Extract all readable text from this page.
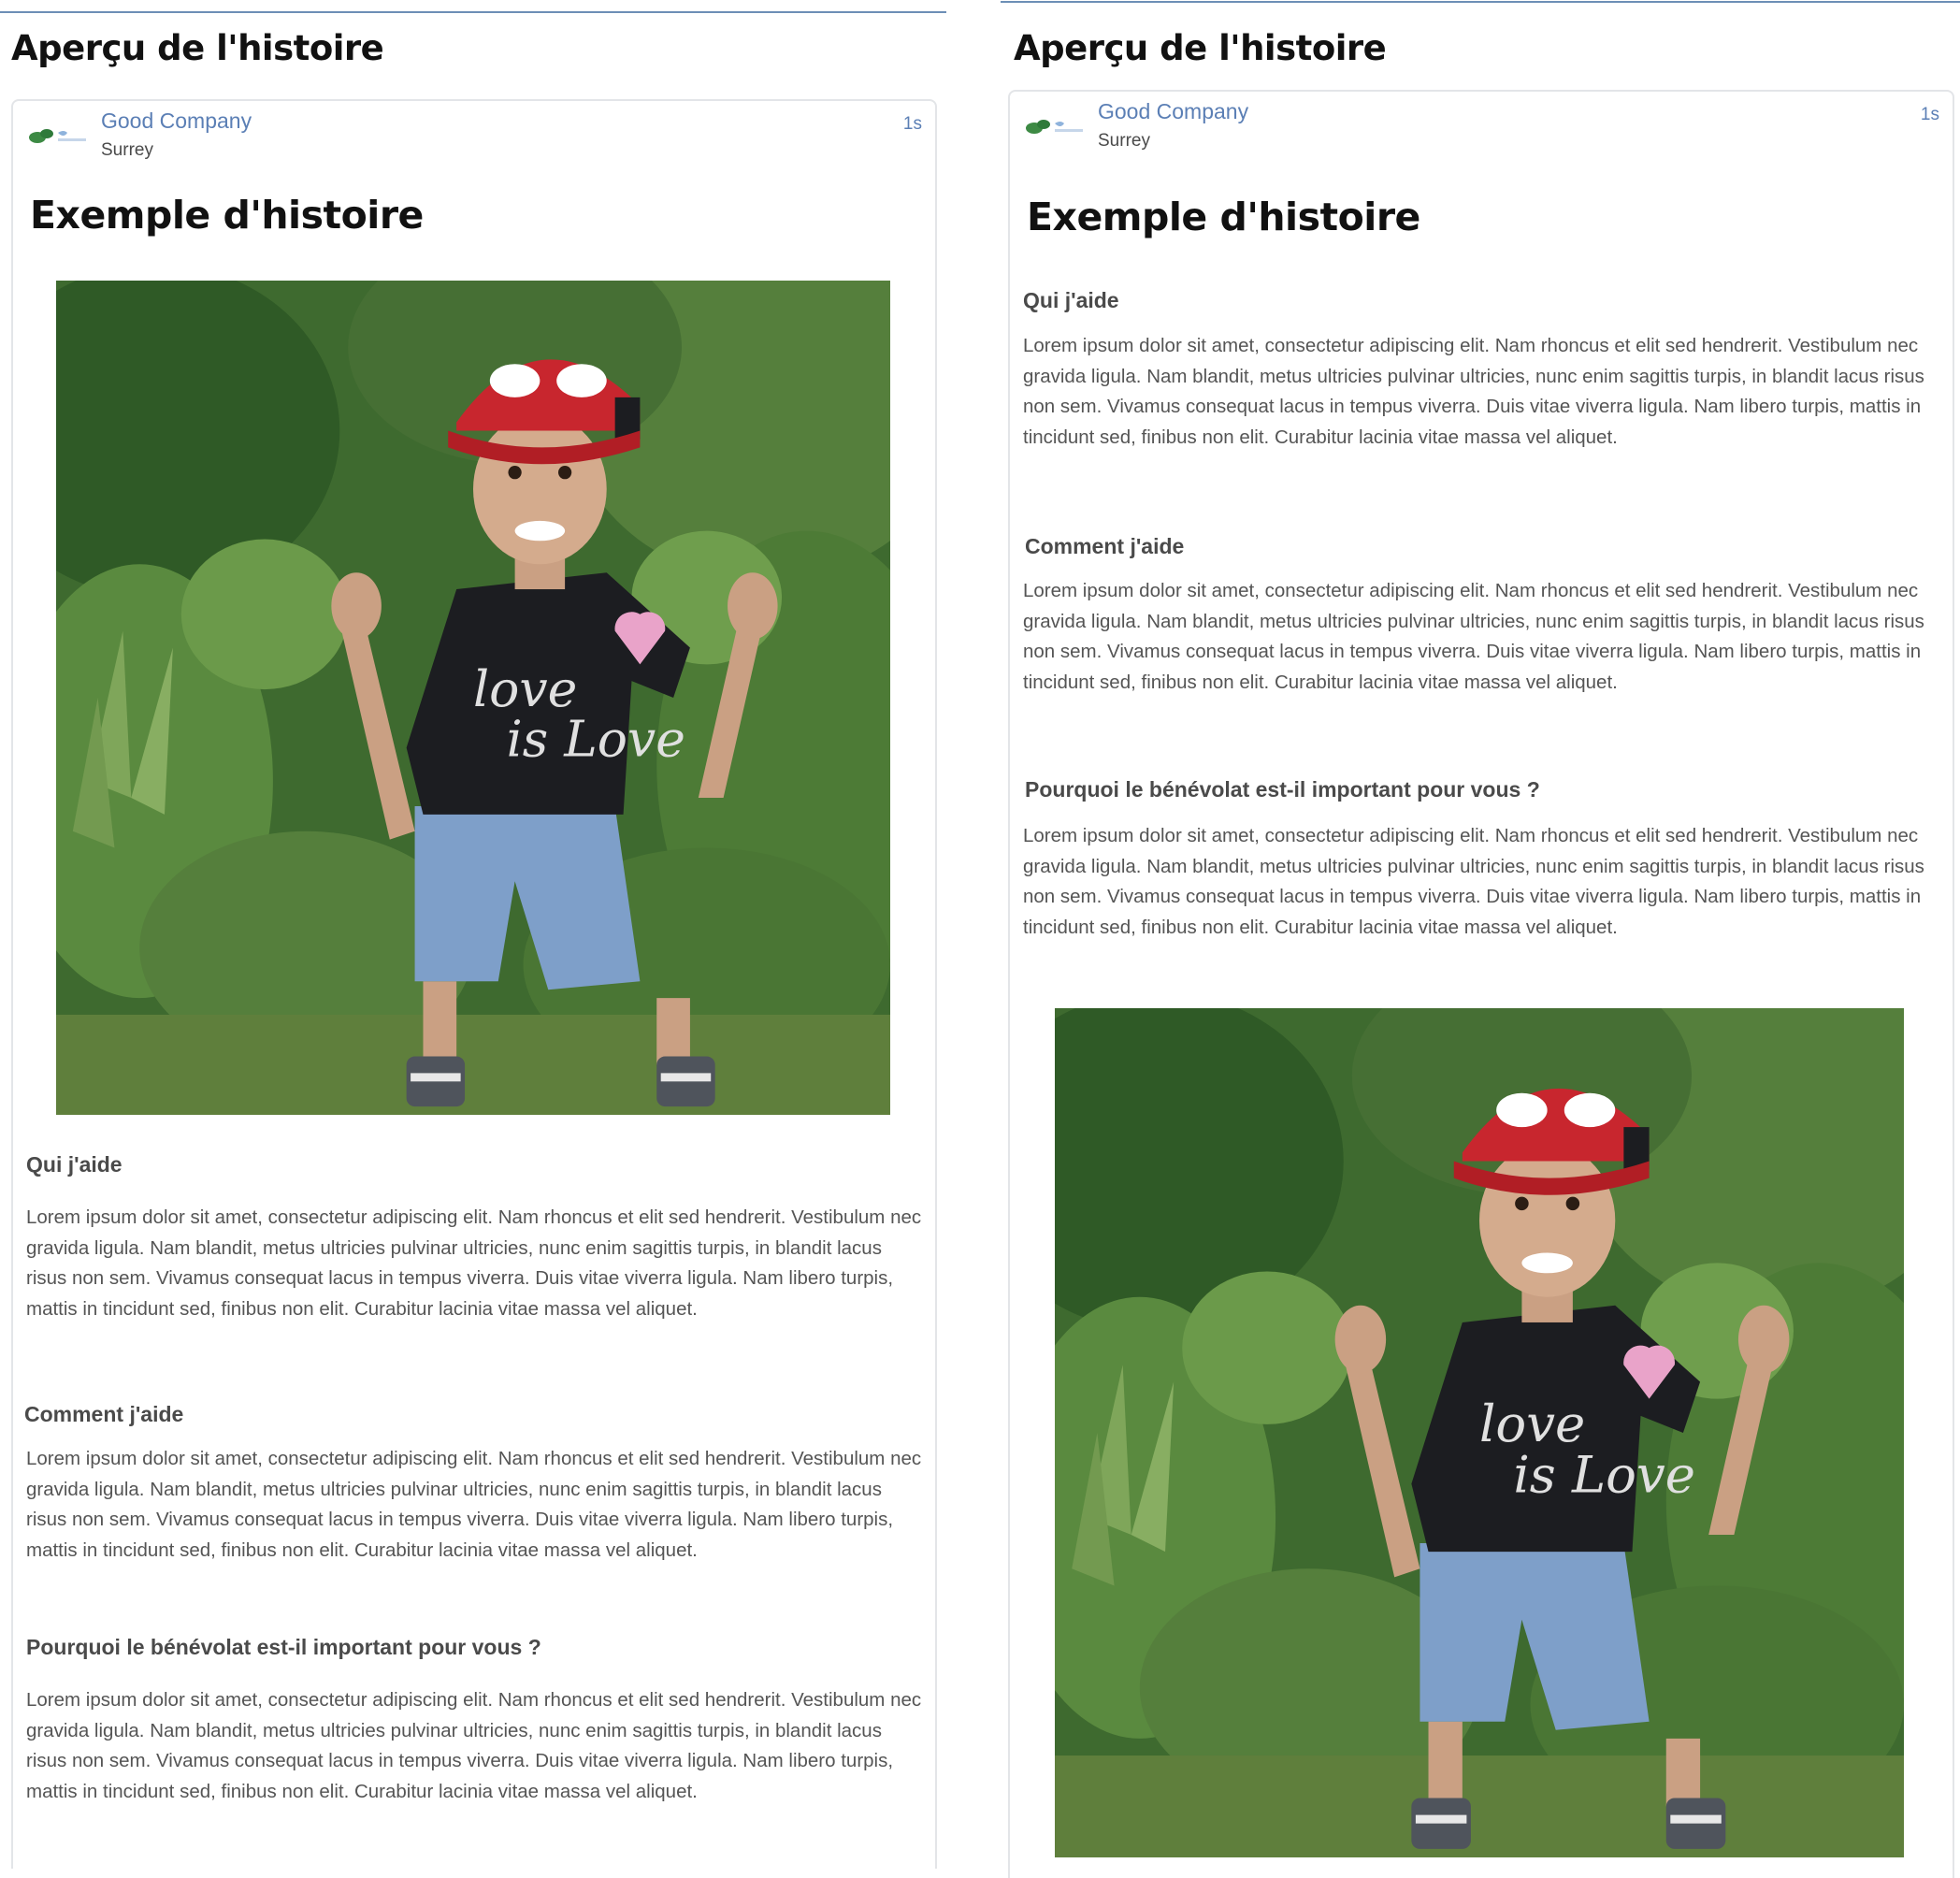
Aperçu de l'histoire
Good Company
Surrey
1s
Exemple d'histoire
love
is Love
Qui j'aide

Lorem ipsum dolor sit amet, consectetur adipiscing elit. Nam rhoncus et elit sed hendrerit. Vestibulum nec gravida ligula. Nam blandit, metus ultricies pulvinar ultricies, nunc enim sagittis turpis, in blandit lacus risus non sem. Vivamus consequat lacus in tempus viverra. Duis vitae viverra ligula. Nam libero turpis, mattis in tincidunt sed, finibus non elit. Curabitur lacinia vitae massa vel aliquet.

Comment j'aide

Lorem ipsum dolor sit amet, consectetur adipiscing elit. Nam rhoncus et elit sed hendrerit. Vestibulum nec gravida ligula. Nam blandit, metus ultricies pulvinar ultricies, nunc enim sagittis turpis, in blandit lacus risus non sem. Vivamus consequat lacus in tempus viverra. Duis vitae viverra ligula. Nam libero turpis, mattis in tincidunt sed, finibus non elit. Curabitur lacinia vitae massa vel aliquet.

Pourquoi le bénévolat est-il important pour vous ?

Lorem ipsum dolor sit amet, consectetur adipiscing elit. Nam rhoncus et elit sed hendrerit. Vestibulum nec gravida ligula. Nam blandit, metus ultricies pulvinar ultricies, nunc enim sagittis turpis, in blandit lacus risus non sem. Vivamus consequat lacus in tempus viverra. Duis vitae viverra ligula. Nam libero turpis, mattis in tincidunt sed, finibus non elit. Curabitur lacinia vitae massa vel aliquet.

Aperçu de l'histoire
Good Company
Surrey
1s
Exemple d'histoire
Qui j'aide

Lorem ipsum dolor sit amet, consectetur adipiscing elit. Nam rhoncus et elit sed hendrerit. Vestibulum nec gravida ligula. Nam blandit, metus ultricies pulvinar ultricies, nunc enim sagittis turpis, in blandit lacus risus non sem. Vivamus consequat lacus in tempus viverra. Duis vitae viverra ligula. Nam libero turpis, mattis in tincidunt sed, finibus non elit. Curabitur lacinia vitae massa vel aliquet.

Comment j'aide

Lorem ipsum dolor sit amet, consectetur adipiscing elit. Nam rhoncus et elit sed hendrerit. Vestibulum nec gravida ligula. Nam blandit, metus ultricies pulvinar ultricies, nunc enim sagittis turpis, in blandit lacus risus non sem. Vivamus consequat lacus in tempus viverra. Duis vitae viverra ligula. Nam libero turpis, mattis in tincidunt sed, finibus non elit. Curabitur lacinia vitae massa vel aliquet.

Pourquoi le bénévolat est-il important pour vous ?

Lorem ipsum dolor sit amet, consectetur adipiscing elit. Nam rhoncus et elit sed hendrerit. Vestibulum nec gravida ligula. Nam blandit, metus ultricies pulvinar ultricies, nunc enim sagittis turpis, in blandit lacus risus non sem. Vivamus consequat lacus in tempus viverra. Duis vitae viverra ligula. Nam libero turpis, mattis in tincidunt sed, finibus non elit. Curabitur lacinia vitae massa vel aliquet.

love
is Love
